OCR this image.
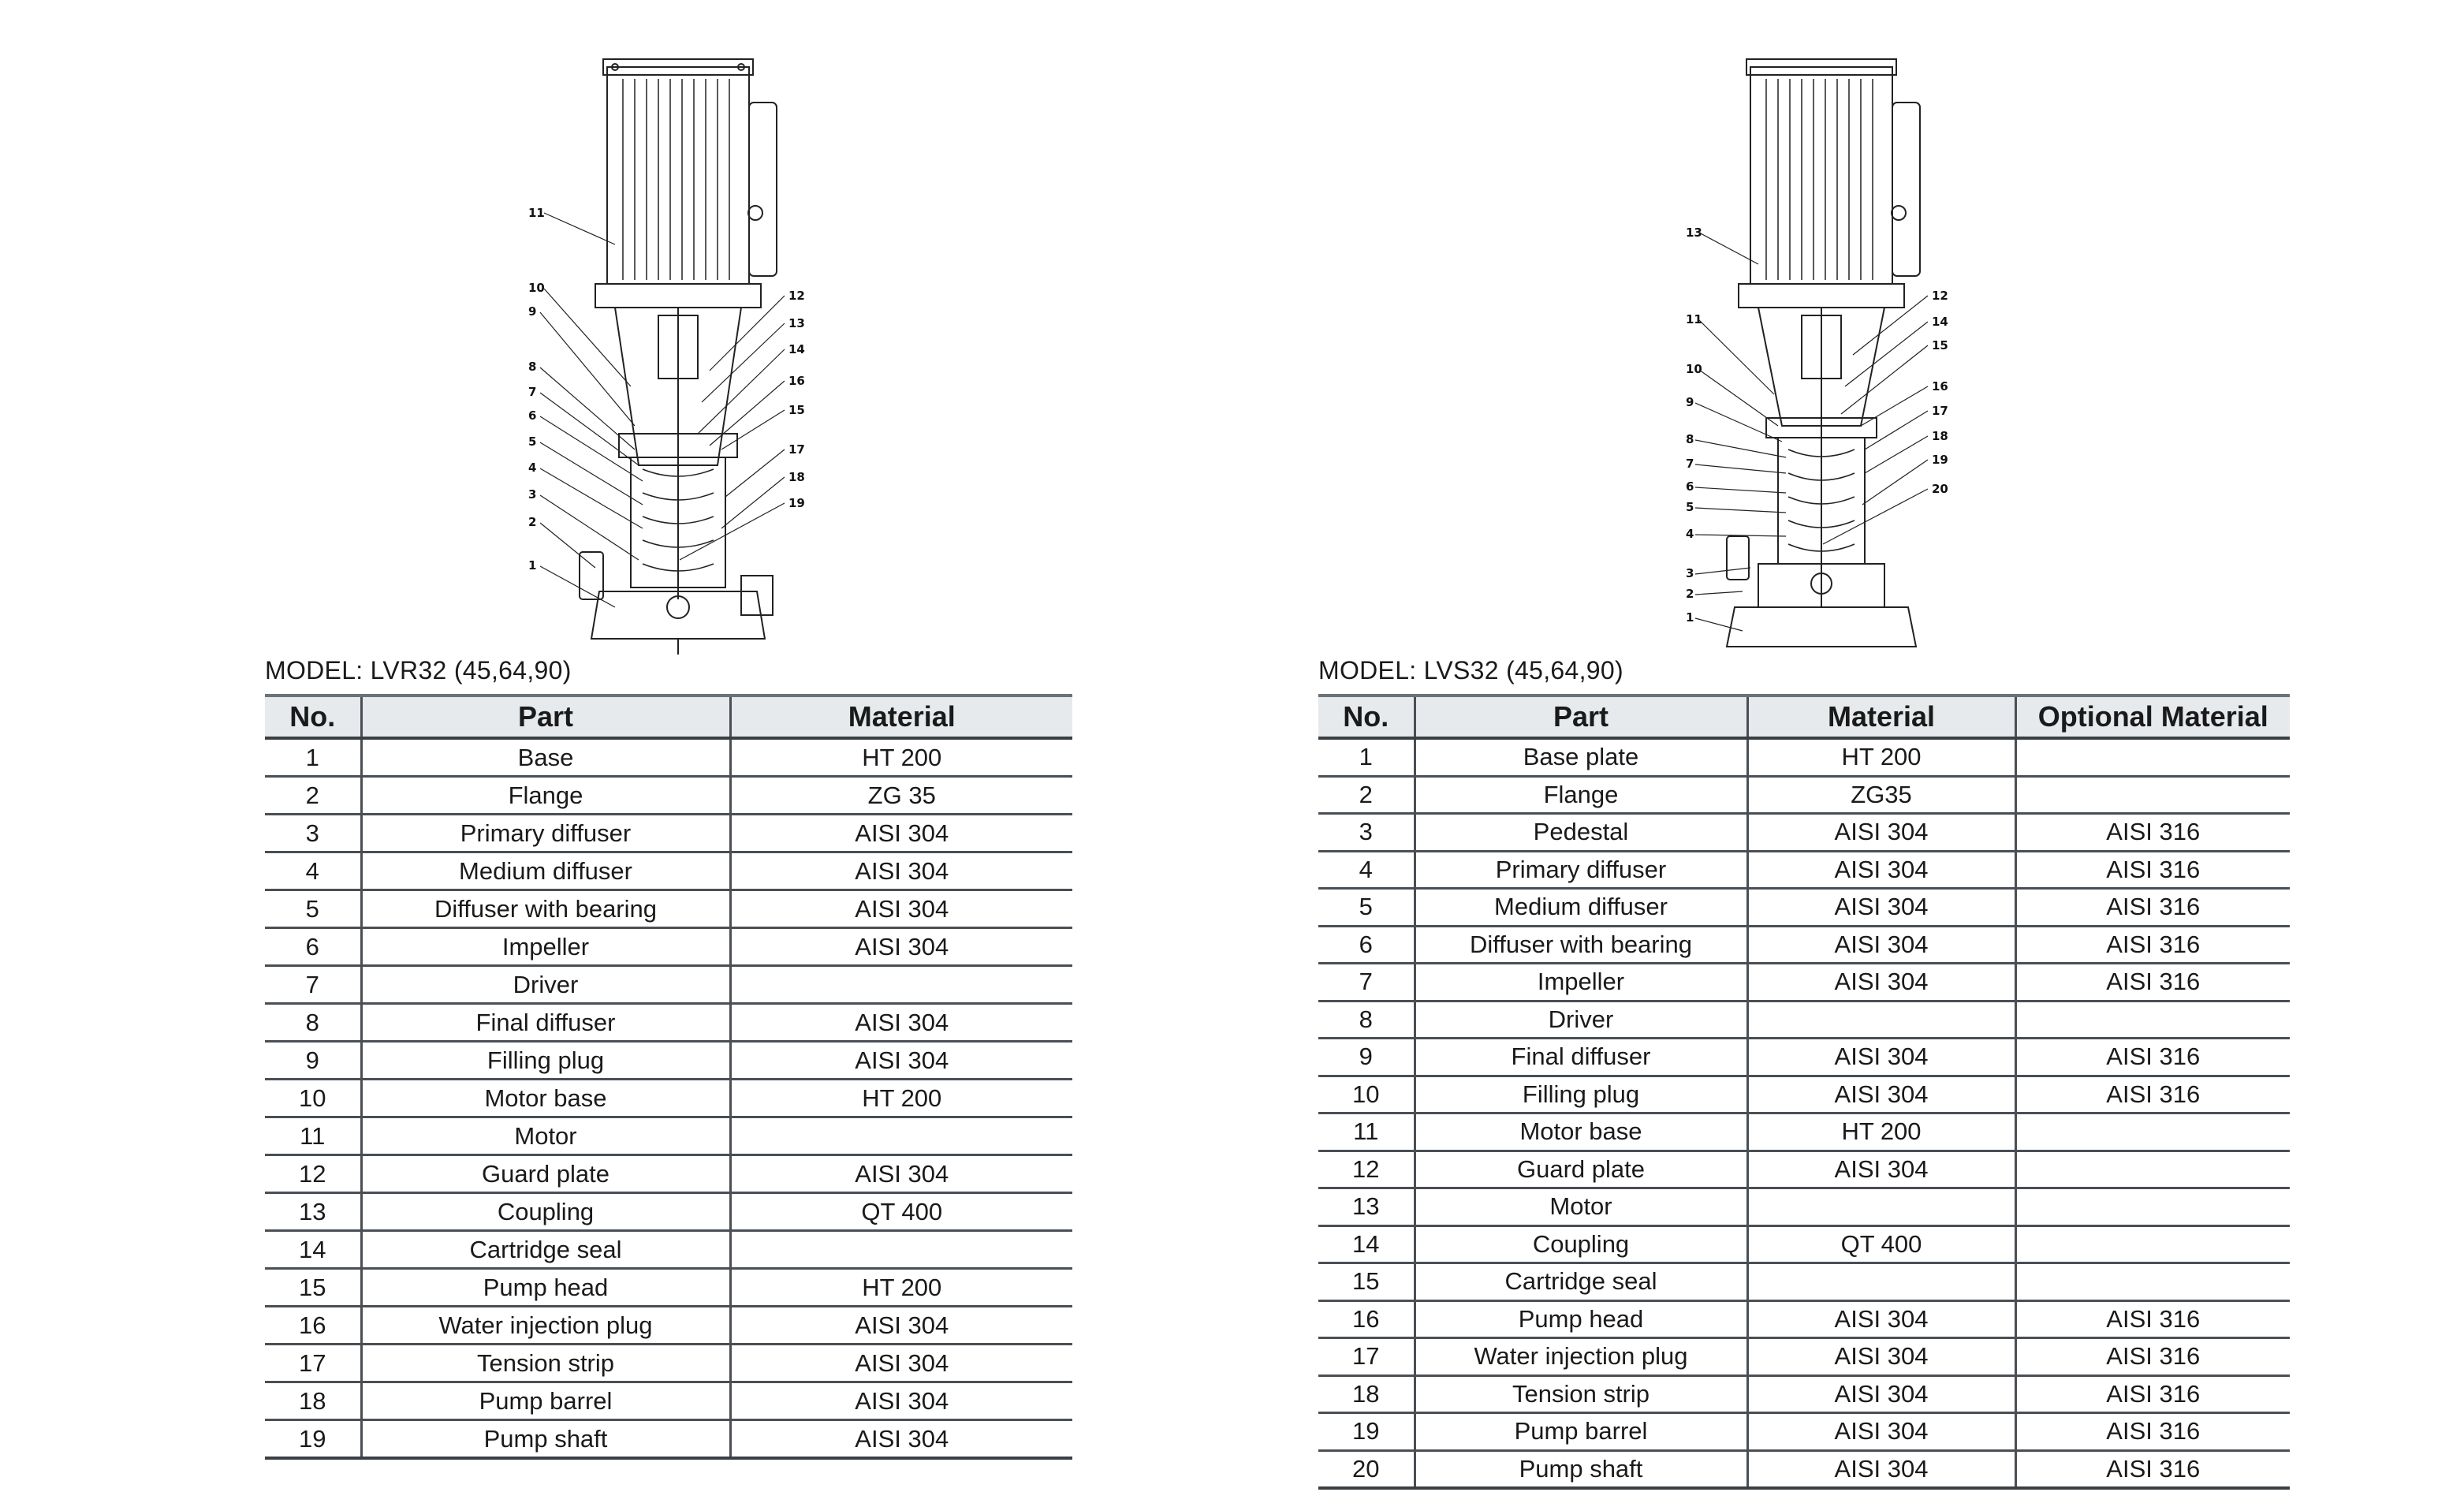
11
10
9
8
7
6
5
4
3
2
1
12
13
14
16
15
17
18
19
13
11
10
9
8
7
6
5
4
3
2
1
12
14
15
16
17
18
19
20
MODEL: LVR32 (45,64,90)	MODEL: LVS32 (45,64,90)
No.	Part	Material
1	Base	HT 200
2	Flange	ZG 35
3	Primary diffuser	AISI 304
4	Medium diffuser	AISI 304
5	Diffuser with bearing	AISI 304
6	Impeller	AISI 304
7	Driver	
8	Final diffuser	AISI 304
9	Filling plug	AISI 304
10	Motor base	HT 200
11	Motor	
12	Guard plate	AISI 304
13	Coupling	QT 400
14	Cartridge seal	
15	Pump head	HT 200
16	Water injection plug	AISI 304
17	Tension strip	AISI 304
18	Pump barrel	AISI 304
19	Pump shaft	AISI 304
No.	Part	Material	Optional Material
1	Base plate	HT 200	
2	Flange	ZG35	
3	Pedestal	AISI 304	AISI 316
4	Primary diffuser	AISI 304	AISI 316
5	Medium diffuser	AISI 304	AISI 316
6	Diffuser with bearing	AISI 304	AISI 316
7	Impeller	AISI 304	AISI 316
8	Driver		
9	Final diffuser	AISI 304	AISI 316
10	Filling plug	AISI 304	AISI 316
11	Motor base	HT 200	
12	Guard plate	AISI 304	
13	Motor		
14	Coupling	QT 400	
15	Cartridge seal		
16	Pump head	AISI 304	AISI 316
17	Water injection plug	AISI 304	AISI 316
18	Tension strip	AISI 304	AISI 316
19	Pump barrel	AISI 304	AISI 316
20	Pump shaft	AISI 304	AISI 316
